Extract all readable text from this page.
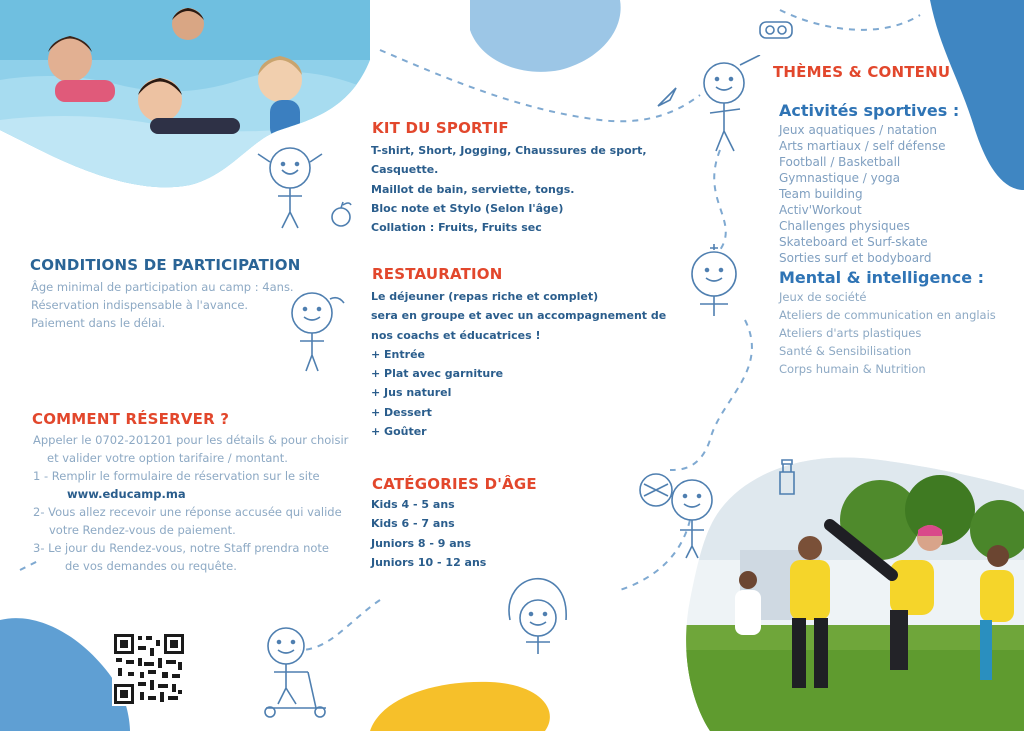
CONDITIONS DE PARTICIPATION
Âge minimal de participation au camp : 4ans.
Réservation indispensable à l'avance.
Paiement dans le délai.
COMMENT RÉSERVER ?
Appeler le 0702-201201 pour les détails & pour choisir
et valider votre option tarifaire / montant.
1 - Remplir le formulaire de réservation sur le site
www.educamp.ma
2- Vous allez recevoir une réponse accusée qui valide
votre Rendez-vous de paiement.
3- Le jour du Rendez-vous, notre Staff prendra note
de vos demandes ou requête.
KIT DU SPORTIF
T-shirt, Short, Jogging, Chaussures de sport,
Casquette.
Maillot de bain, serviette, tongs.
Bloc note et Stylo (Selon l'âge)
Collation : Fruits, Fruits sec
RESTAURATION
Le déjeuner (repas riche et complet)
sera en groupe et avec un accompagnement de
nos coachs et éducatrices !
+ Entrée
+ Plat avec garniture
+ Jus naturel
+ Dessert
+ Goûter
CATÉGORIES D'ÂGE
Kids 4 - 5 ans
Kids 6 - 7 ans
Juniors 8 - 9 ans
Juniors 10 - 12 ans
THÈMES & CONTENU
Activités sportives :
Jeux aquatiques / natation
Arts martiaux / self défense
Football / Basketball
Gymnastique / yoga
Team building
Activ'Workout
Challenges physiques
Skateboard et Surf-skate
Sorties surf et bodyboard
Mental & intelligence :
Jeux de société
Ateliers de communication en anglais
Ateliers d'arts plastiques
Santé & Sensibilisation
Corps humain & Nutrition
